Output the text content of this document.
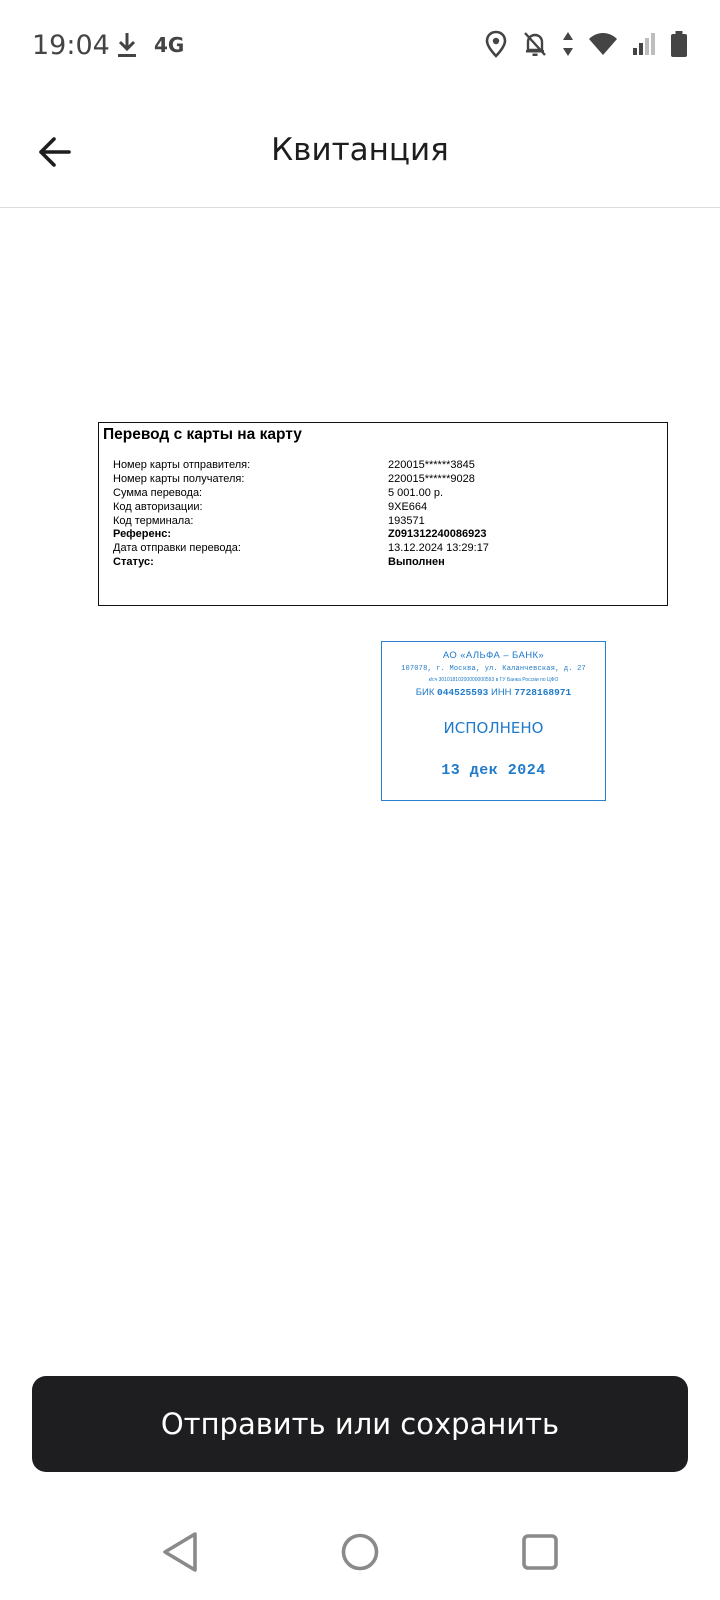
19:04 4G
Квитанция
Перевод с карты на карту
Номер карты отправителя:	220015******3845
Номер карты получателя:	220015******9028
Сумма перевода:	5 001.00 р.
Код авторизации:	9XE664
Код терминала:	193571
Референс:	Z091312240086923
Дата отправки перевода:	13.12.2024 13:29:17
Статус:	Выполнен
АО «АЛЬФА – БАНК»
107078, г. Москва, ул. Каланчевская, д. 27
к/сч 30101810200000000593 в ГУ Банка России по ЦФО
БИК 044525593 ИНН 7728168971
ИСПОЛНЕНО
13 дек 2024
Отправить или сохранить
